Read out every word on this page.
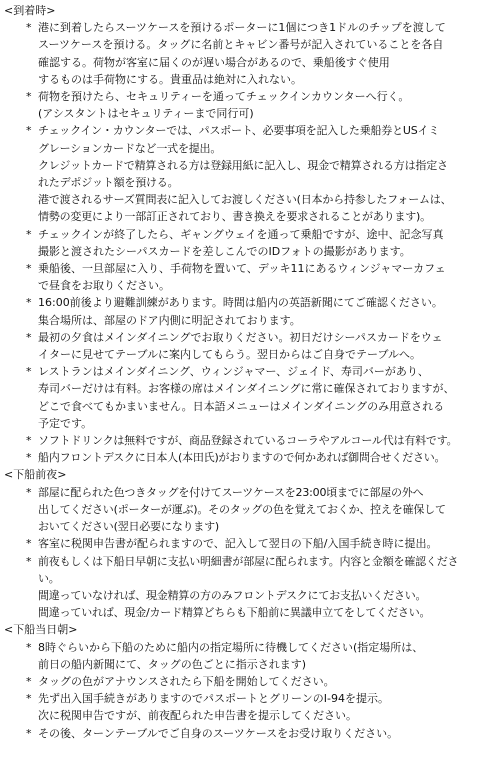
<到着時>
* 港に到着したらスーツケースを預けるポーターに1個につき1ドルのチップを渡して
スーツケースを預ける。タッグに名前とキャビン番号が記入されていることを各自
確認する。荷物が客室に届くのが遅い場合があるので、乗船後すぐ使用
するものは手荷物にする。貴重品は絶対に入れない。
* 荷物を預けたら、セキュリティーを通ってチェックインカウンターへ行く。
(アシスタントはセキュリティーまで同行可)
* チェックイン・カウンターでは、パスポート、必要事項を記入した乗船券とUSイミ
グレーションカードなど一式を提出。
クレジットカードで精算される方は登録用紙に記入し、現金で精算される方は指定さ
れたデポジット額を預ける。
港で渡されるサーズ質問表に記入してお渡しください(日本から持参したフォームは、
情勢の変更により一部訂正されており、書き換えを要求されることがあります)。
* チェックインが終了したら、ギャングウェイを通って乗船ですが、途中、記念写真
撮影と渡されたシーパスカードを差しこんでのIDフォトの撮影があります。
* 乗船後、一旦部屋に入り、手荷物を置いて、デッキ11にあるウィンジャマーカフェ
で昼食をお取りください。
* 16:00前後より避難訓練があります。時間は船内の英語新聞にてご確認ください。
集合場所は、部屋のドア内側に明記されております。
* 最初の夕食はメインダイニングでお取りください。初日だけシーパスカードをウェ
イターに見せてテーブルに案内してもらう。翌日からはご自身でテーブルへ。
* レストランはメインダイニング、ウィンジャマー、ジェイド、寿司バーがあり、
寿司バーだけは有料。お客様の席はメインダイニングに常に確保されておりますが、
どこで食べてもかまいません。日本語メニューはメインダイニングのみ用意される
予定です。
* ソフトドリンクは無料ですが、商品登録されているコーラやアルコール代は有料です。
* 船内フロントデスクに日本人(本田氏)がおりますので何かあれば御問合せください。
<下船前夜>
* 部屋に配られた色つきタッグを付けてスーツケースを23:00頃までに部屋の外へ
出してください(ポーターが運ぶ)。そのタッグの色を覚えておくか、控えを確保して
おいてください(翌日必要になります)
* 客室に税関申告書が配られますので、記入して翌日の下船/入国手続き時に提出。
* 前夜もしくは下船日早朝に支払い明細書が部屋に配られます。内容と金額を確認くださ
い。
間違っていなければ、現金精算の方のみフロントデスクにてお支払いください。
間違っていれば、現金/カード精算どちらも下船前に異議申立てをしてください。
<下船当日朝>
* 8時ぐらいから下船のために船内の指定場所に待機してください(指定場所は、
前日の船内新聞にて、タッグの色ごとに指示されます)
* タッグの色がアナウンスされたら下船を開始してください。
* 先ず出入国手続きがありますのでパスポートとグリーンのI-94を提示。
次に税関申告ですが、前夜配られた申告書を提示してください。
* その後、ターンテーブルでご自身のスーツケースをお受け取りください。
